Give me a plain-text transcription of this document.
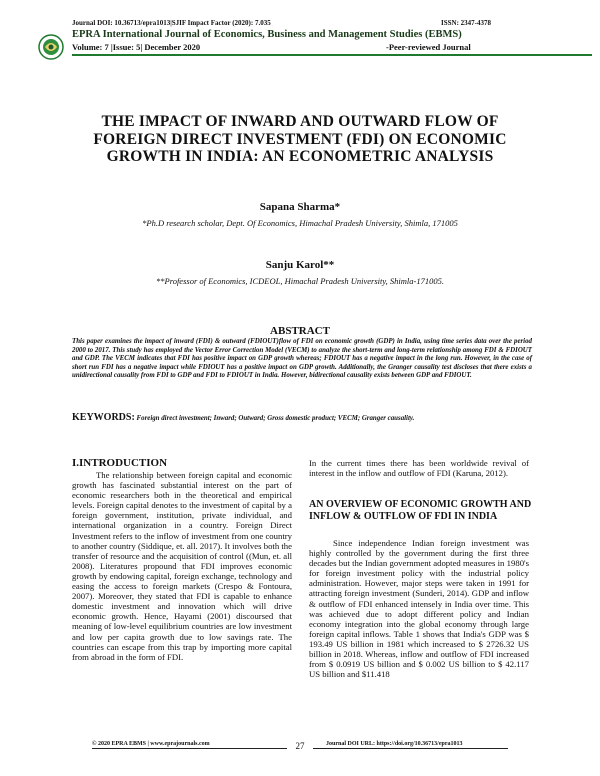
Journal DOI: 10.36713/epra1013|SJIF Impact Factor (2020): 7.035	ISSN: 2347-4378
EPRA International Journal of Economics, Business and Management Studies (EBMS)
Volume: 7 |Issue: 5| December 2020	-Peer-reviewed Journal
THE IMPACT OF INWARD AND OUTWARD FLOW OF
FOREIGN DIRECT INVESTMENT (FDI) ON ECONOMIC
GROWTH IN INDIA: AN ECONOMETRIC ANALYSIS
Sapana Sharma*
*Ph.D research scholar, Dept. Of Economics, Himachal Pradesh University, Shimla, 171005
Sanju Karol**
**Professor of Economics, ICDEOL, Himachal Pradesh University, Shimla-171005.
ABSTRACT
This paper examines the impact of inward (FDI) & outward (FDIOUT)flow of FDI on economic growth (GDP) in India, using time series data over the period 2000 to 2017. This study has employed the Vector Error Correction Model (VECM) to analyze the short-term and long-term relationship among FDI & FDIOUT and GDP. The VECM indicates that FDI has positive impact on GDP growth whereas; FDIOUT has a negative impact in the long run. However, in the case of short run FDI has a negative impact while FDIOUT has a positive impact on GDP growth. Additionally, the Granger causality test discloses that there exists a unidirectional causality from FDI to GDP and FDI to FDIOUT in India. However, bidirectional causality exists between GDP and FDIOUT.
KEYWORDS: Foreign direct investment; Inward; Outward; Gross domestic product; VECM; Granger causality.
I.INTRODUCTION

The relationship between foreign capital and economic growth has fascinated substantial interest on the part of economic researchers both in the theoretical and empirical levels. Foreign capital denotes to the investment of capital by a foreign government, institution, private individual, and international organization in a country. Foreign Direct Investment refers to the inflow of investment from one country to another country (Siddique, et. all. 2017). It involves both the transfer of resource and the acquisition of control ((Mun, et. all 2008). Literatures propound that FDI improves economic growth by endowing capital, foreign exchange, technology and easing the access to foreign markets (Crespo & Fontoura, 2007). Moreover, they stated that FDI is capable to enhance domestic investment and innovation which will drive economic growth. Hence, Hayami (2001) discoursed that meaning of low-level equilibrium countries are low investment and low per capita growth due to low savings rate. The countries can escape from this trap by importing more capital from abroad in the form of FDI.

In the current times there has been worldwide revival of interest in the inflow and outflow of FDI (Karuna, 2012).

AN OVERVIEW OF ECONOMIC GROWTH AND INFLOW & OUTFLOW OF FDI IN INDIA

Since independence Indian foreign investment was highly controlled by the government during the first three decades but the Indian government adopted measures in 1980's for foreign investment policy with the industrial policy administration. However, major steps were taken in 1991 for attracting foreign investment (Sunderi, 2014). GDP and inflow & outflow of FDI enhanced intensely in India over time. This was achieved due to adopt different policy and Indian economy integration into the global economy through large foreign capital inflows. Table 1 shows that India's GDP was $ 193.49 US billion in 1981 which increased to $ 2726.32 US billion in 2018. Whereas, inflow and outflow of FDI increased from $ 0.0919 US billion and $ 0.002 US billion to $ 42.117 US billion and $11.418

© 2020 EPRA EBMS | www.eprajournals.com	27	Journal DOI URL: https://doi.org/10.36713/epra1013
